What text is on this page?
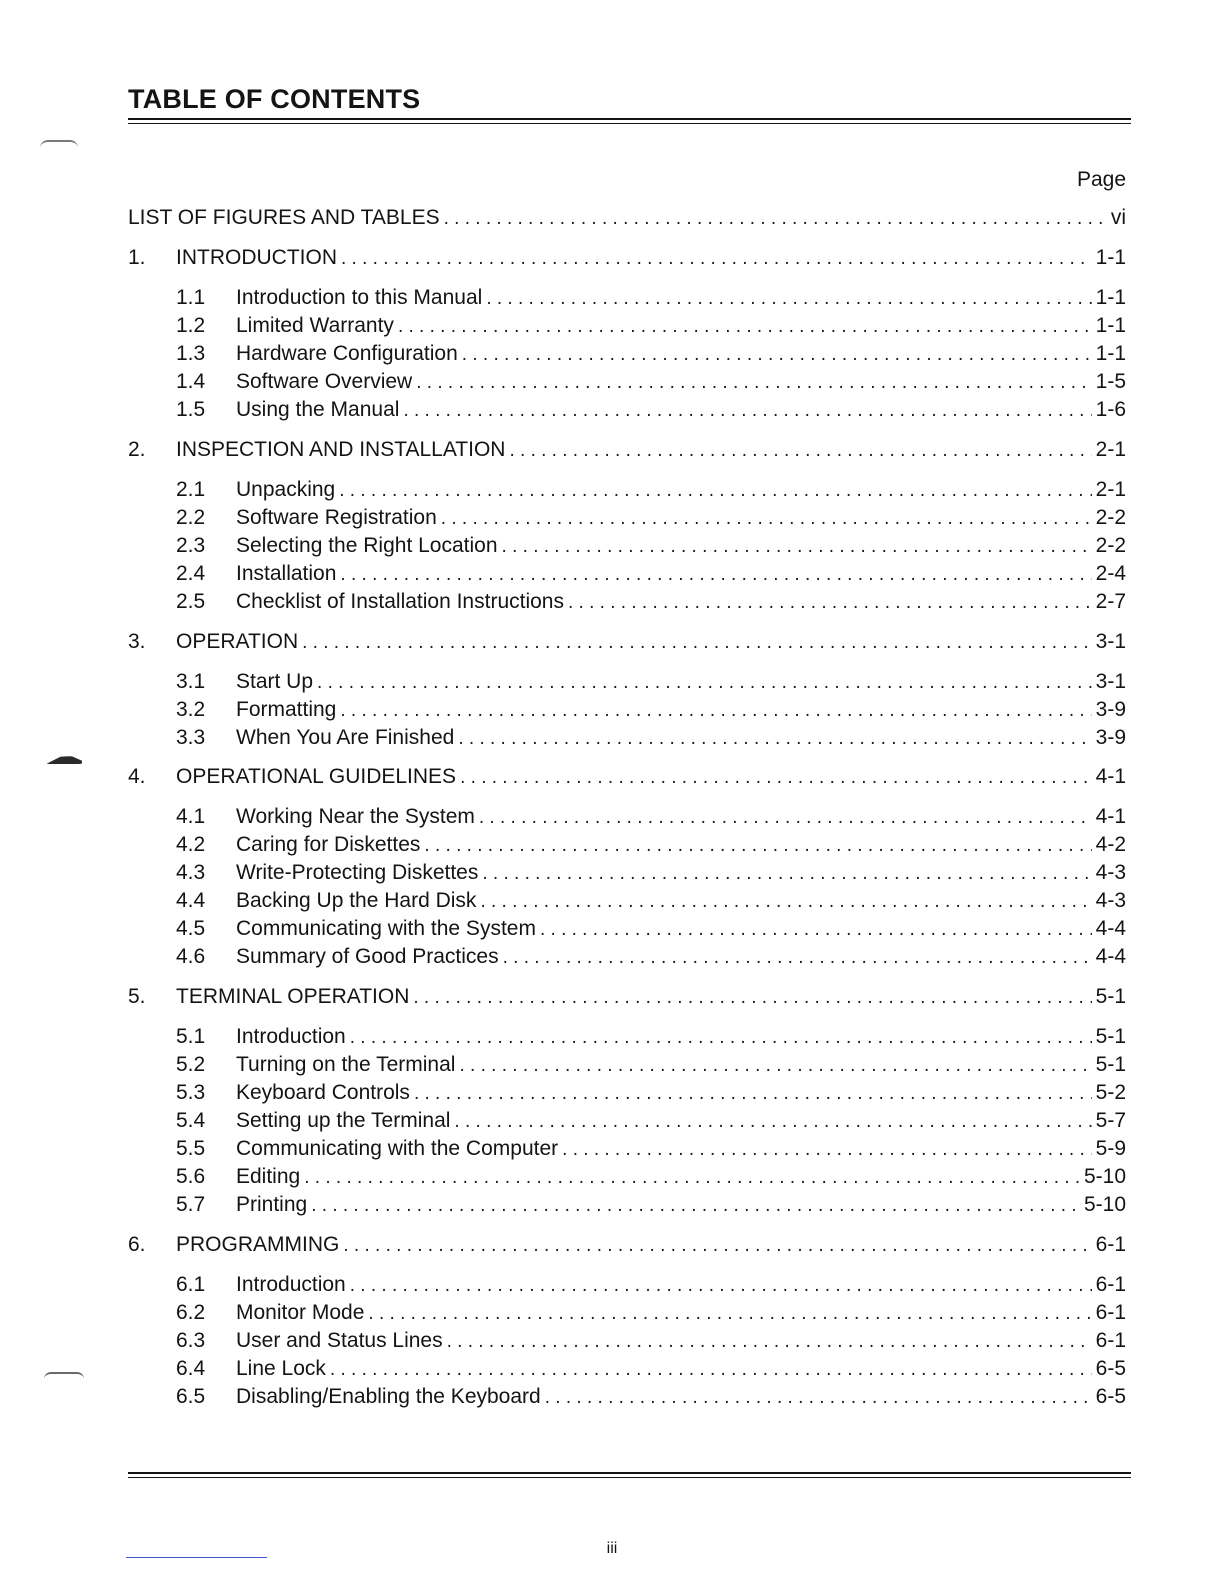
TABLE OF CONTENTS
Page
LIST OF FIGURES AND TABLES . . .	vi
1.	INTRODUCTION . . .	1-1
1.1	Introduction to this Manual . . .	1-1
1.2	Limited Warranty . . .	1-1
1.3	Hardware Configuration . . .	1-1
1.4	Software Overview . . .	1-5
1.5	Using the Manual . . .	1-6
2.	INSPECTION AND INSTALLATION . . .	2-1
2.1	Unpacking . . .	2-1
2.2	Software Registration . . .	2-2
2.3	Selecting the Right Location . . .	2-2
2.4	Installation . . .	2-4
2.5	Checklist of Installation Instructions . . .	2-7
3.	OPERATION . . .	3-1
3.1	Start Up . . .	3-1
3.2	Formatting . . .	3-9
3.3	When You Are Finished . . .	3-9
4.	OPERATIONAL GUIDELINES . . .	4-1
4.1	Working Near the System . . .	4-1
4.2	Caring for Diskettes . . .	4-2
4.3	Write-Protecting Diskettes . . .	4-3
4.4	Backing Up the Hard Disk . . .	4-3
4.5	Communicating with the System . . .	4-4
4.6	Summary of Good Practices . . .	4-4
5.	TERMINAL OPERATION . . .	5-1
5.1	Introduction . . .	5-1
5.2	Turning on the Terminal . . .	5-1
5.3	Keyboard Controls . . .	5-2
5.4	Setting up the Terminal . . .	5-7
5.5	Communicating with the Computer . . .	5-9
5.6	Editing . . .	5-10
5.7	Printing . . .	5-10
6.	PROGRAMMING . . .	6-1
6.1	Introduction . . .	6-1
6.2	Monitor Mode . . .	6-1
6.3	User and Status Lines . . .	6-1
6.4	Line Lock . . .	6-5
6.5	Disabling/Enabling the Keyboard . . .	6-5
iii
